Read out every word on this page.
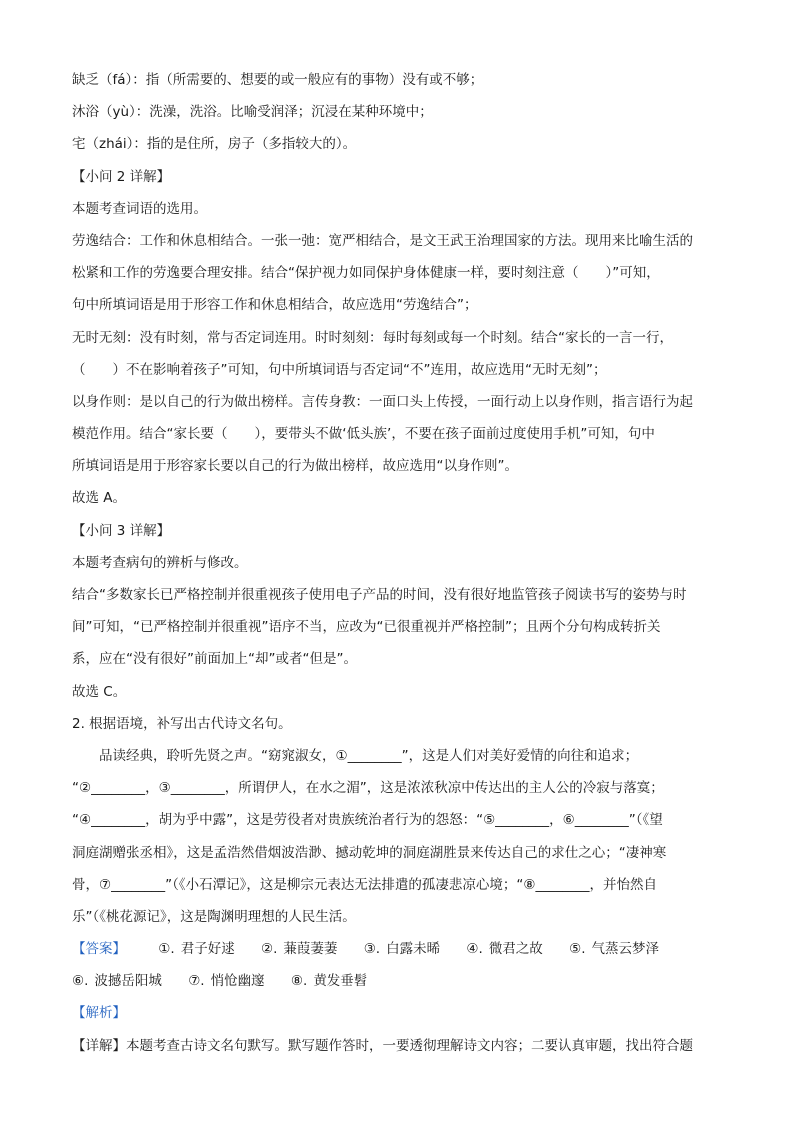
缺乏（fá）：指（所需要的、想要的或一般应有的事物）没有或不够；
沐浴（yù）：洗澡，洗浴。比喻受润泽；沉浸在某种环境中；
宅（zhái）：指的是住所，房子（多指较大的）。
【小问 2 详解】
本题考查词语的选用。
劳逸结合：工作和休息相结合。一张一弛：宽严相结合，是文王武王治理国家的方法。现用来比喻生活的
松紧和工作的劳逸要合理安排。结合“保护视力如同保护身体健康一样，要时刻注意（　　）”可知，
句中所填词语是用于形容工作和休息相结合，故应选用“劳逸结合”；
无时无刻：没有时刻，常与否定词连用。时时刻刻：每时每刻或每一个时刻。结合“家长的一言一行，
（　　）不在影响着孩子”可知，句中所填词语与否定词“不”连用，故应选用“无时无刻”；
以身作则：是以自己的行为做出榜样。言传身教：一面口头上传授，一面行动上以身作则，指言语行为起
模范作用。结合“家长要（　　），要带头不做‘低头族’，不要在孩子面前过度使用手机”可知，句中
所填词语是用于形容家长要以自己的行为做出榜样，故应选用“以身作则”。
故选 A。
【小问 3 详解】
本题考查病句的辨析与修改。
结合“多数家长已严格控制并很重视孩子使用电子产品的时间，没有很好地监管孩子阅读书写的姿势与时
间”可知，“已严格控制并很重视”语序不当，应改为“已很重视并严格控制”；且两个分句构成转折关
系，应在“没有很好”前面加上“却”或者“但是”。
故选 C。
2. 根据语境，补写出古代诗文名句。
品读经典，聆听先贤之声。“窈窕淑女，①________”，这是人们对美好爱情的向往和追求；
“②________，③________，所谓伊人，在水之湄”，这是浓浓秋凉中传达出的主人公的冷寂与落寞；
“④________，胡为乎中露”，这是劳役者对贵族统治者行为的怨怒：“⑤________，⑥________”（《望
洞庭湖赠张丞相》，这是孟浩然借烟波浩渺、撼动乾坤的洞庭湖胜景来传达自己的求仕之心；“凄神寒
骨，⑦________”（《小石潭记》，这是柳宗元表达无法排遣的孤凄悲凉心境；“⑧________，并怡然自
乐”（《桃花源记》，这是陶渊明理想的人民生活。
【答案】 ①. 君子好逑 ②. 蒹葭萋萋 ③. 白露未晞 ④. 微君之故 ⑤. 气蒸云梦泽
⑥. 波撼岳阳城 ⑦. 悄怆幽邃 ⑧. 黄发垂髫
【解析】
【详解】本题考查古诗文名句默写。默写题作答时，一要透彻理解诗文内容；二要认真审题，找出符合题
